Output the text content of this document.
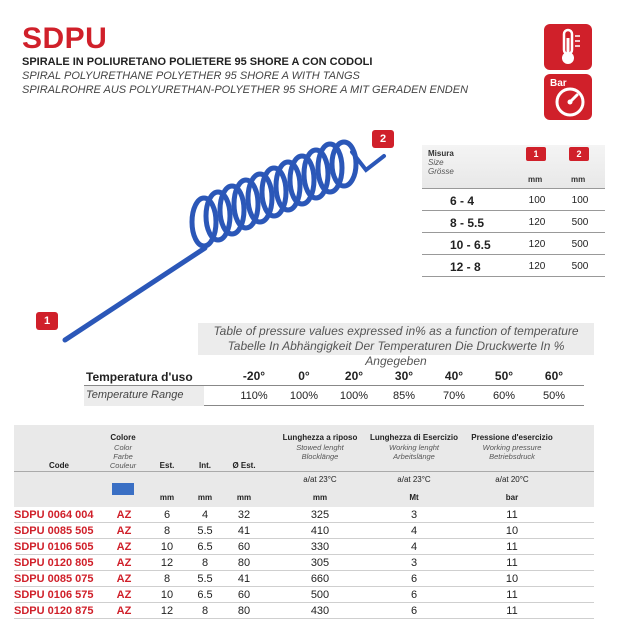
SDPU
SPIRALE IN POLIURETANO POLIETERE 95 SHORE A CON CODOLI
SPIRAL POLYURETHANE POLYETHER 95 SHORE A WITH TANGS
SPIRALROHRE AUS POLYURETHAN-POLYETHER 95 SHORE A MIT GERADEN ENDEN
Bar
1
2
Misura
Size
Grösse
1	2
mm	mm
6 - 4	100	100
8 - 5.5	120	500
10 - 6.5	120	500
12 - 8	120	500
Table of pressure values expressed in% as a function of temperature
Tabelle In Abhängigkeit Der Temperaturen Die Druckwerte In % Angegeben
Temperatura d'uso	-20°	0°	20°	30°	40°	50°	60°
Temperature Range	110%	100%	100%	85%	70%	60%	50%
Code
Colore
Color
Farbe
Couleur	Est.	Int.	Ø Est.
Lunghezza a riposo
Stowed lenght
Blocklänge
Lunghezza di Esercizio
Working lenght
Arbeitslänge
Pressione d'esercizio
Working pressure
Betriebsdruck
a/at 23°C	a/at 23°C	a/at 20°C
mm	mm	mm	mm	Mt	bar
SDPU 0064 004	AZ	6	4	32	325	3	11
SDPU 0085 505	AZ	8	5.5	41	410	4	10
SDPU 0106 505	AZ	10	6.5	60	330	4	11
SDPU 0120 805	AZ	12	8	80	305	3	11
SDPU 0085 075	AZ	8	5.5	41	660	6	10
SDPU 0106 575	AZ	10	6.5	60	500	6	11
SDPU 0120 875	AZ	12	8	80	430	6	11
